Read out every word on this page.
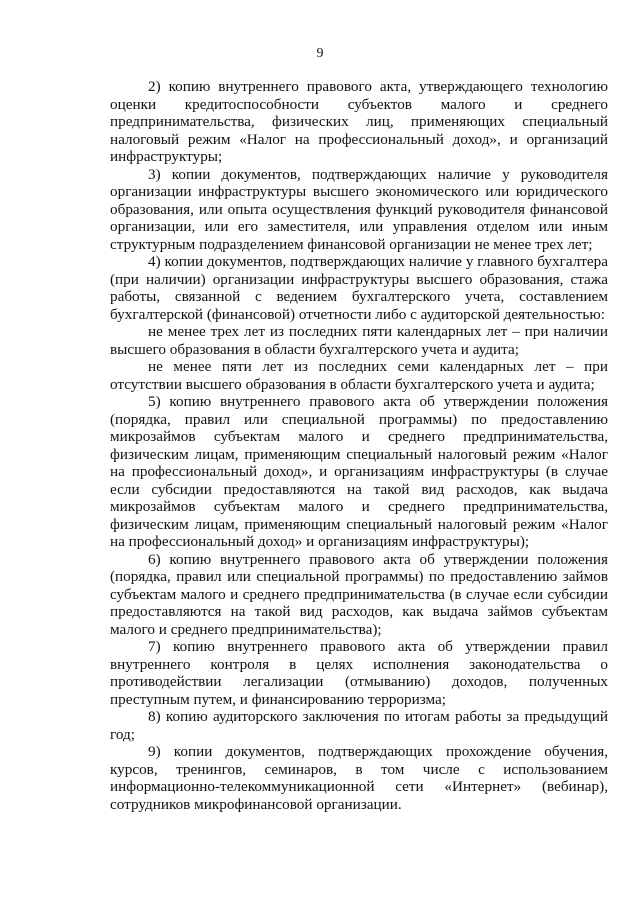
9

2) копию внутреннего правового акта, утверждающего технологию оценки кредитоспособности субъектов малого и среднего предпринимательства, физических лиц, применяющих специальный налоговый режим «Налог на профессиональный доход», и организаций инфраструктуры;

3) копии документов, подтверждающих наличие у руководителя организации инфраструктуры высшего экономического или юридического образования, или опыта осуществления функций руководителя финансовой организации, или его заместителя, или управления отделом или иным структурным подразделением финансовой организации не менее трех лет;

4) копии документов, подтверждающих наличие у главного бухгалтера (при наличии) организации инфраструктуры высшего образования, стажа работы, связанной с ведением бухгалтерского учета, составлением бухгалтерской (финансовой) отчетности либо с аудиторской деятельностью:

не менее трех лет из последних пяти календарных лет – при наличии высшего образования в области бухгалтерского учета и аудита;

не менее пяти лет из последних семи календарных лет – при отсутствии высшего образования в области бухгалтерского учета и аудита;

5) копию внутреннего правового акта об утверждении положения (порядка, правил или специальной программы) по предоставлению микрозаймов субъектам малого и среднего предпринимательства, физическим лицам, применяющим специальный налоговый режим «Налог на профессиональный доход», и организациям инфраструктуры (в случае если субсидии предоставляются на такой вид расходов, как выдача микрозаймов субъектам малого и среднего предпринимательства, физическим лицам, применяющим специальный налоговый режим «Налог на профессиональный доход» и организациям инфраструктуры);

6) копию внутреннего правового акта об утверждении положения (порядка, правил или специальной программы) по предоставлению займов субъектам малого и среднего предпринимательства (в случае если субсидии предоставляются на такой вид расходов, как выдача займов субъектам малого и среднего предпринимательства);

7) копию внутреннего правового акта об утверждении правил внутреннего контроля в целях исполнения законодательства о противодействии легализации (отмыванию) доходов, полученных преступным путем, и финансированию терроризма;

8) копию аудиторского заключения по итогам работы за предыдущий год;

9) копии документов, подтверждающих прохождение обучения, курсов, тренингов, семинаров, в том числе с использованием информационно-телекоммуникационной сети «Интернет» (вебинар), сотрудников микрофинансовой организации.
